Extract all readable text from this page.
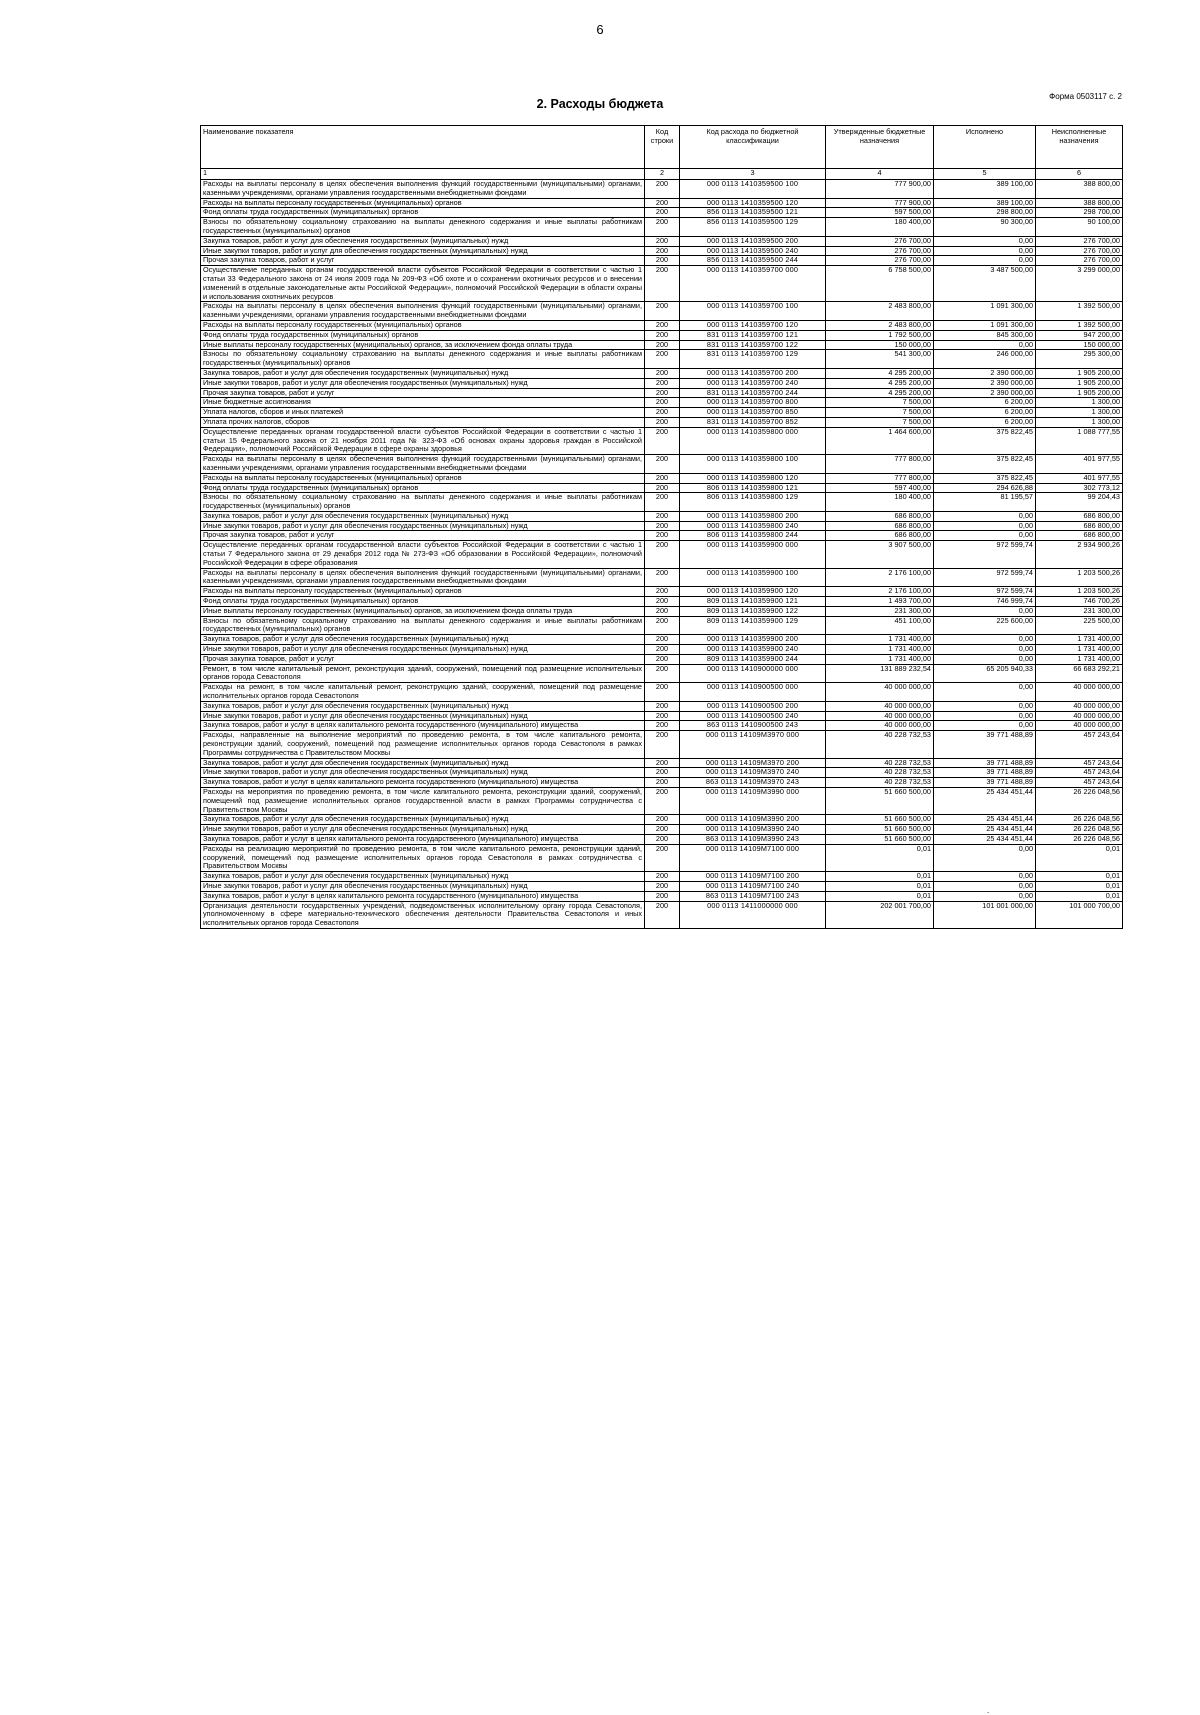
6
Форма 0503117 с. 2
2. Расходы бюджета
Наименование показателя	Код строки	Код расхода по бюджетной классификации	Утвержденные бюджетные назначения	Исполнено	Неисполненные назначения
1	2	3	4	5	6
Расходы на выплаты персоналу в целях обеспечения выполнения функций государственными (муниципальными) органами, казенными учреждениями, органами управления государственными внебюджетными фондами	200	000 0113 1410359500 100	777 900,00	389 100,00	388 800,00
Расходы на выплаты персоналу государственных (муниципальных) органов	200	000 0113 1410359500 120	777 900,00	389 100,00	388 800,00
Фонд оплаты труда государственных (муниципальных) органов	200	856 0113 1410359500 121	597 500,00	298 800,00	298 700,00
Взносы по обязательному социальному страхованию на выплаты денежного содержания и иные выплаты работникам государственных (муниципальных) органов	200	856 0113 1410359500 129	180 400,00	90 300,00	90 100,00
Закупка товаров, работ и услуг для обеспечения государственных (муниципальных) нужд	200	000 0113 1410359500 200	276 700,00	0,00	276 700,00
Иные закупки товаров, работ и услуг для обеспечения государственных (муниципальных) нужд	200	000 0113 1410359500 240	276 700,00	0,00	276 700,00
Прочая закупка товаров, работ и услуг	200	856 0113 1410359500 244	276 700,00	0,00	276 700,00
Осуществление переданных органам государственной власти субъектов Российской Федерации в соответствии с частью 1 статьи 33 Федерального закона от 24 июля 2009 года № 209-ФЗ «Об охоте и о сохранении охотничьих ресурсов и о внесении изменений в отдельные законодательные акты Российской Федерации», полномочий Российской Федерации в области охраны и использования охотничьих ресурсов	200	000 0113 1410359700 000	6 758 500,00	3 487 500,00	3 299 000,00
Расходы на выплаты персоналу в целях обеспечения выполнения функций государственными (муниципальными) органами, казенными учреждениями, органами управления государственными внебюджетными фондами	200	000 0113 1410359700 100	2 483 800,00	1 091 300,00	1 392 500,00
Расходы на выплаты персоналу государственных (муниципальных) органов	200	000 0113 1410359700 120	2 483 800,00	1 091 300,00	1 392 500,00
Фонд оплаты труда государственных (муниципальных) органов	200	831 0113 1410359700 121	1 792 500,00	845 300,00	947 200,00
Иные выплаты персоналу государственных (муниципальных) органов, за исключением фонда оплаты труда	200	831 0113 1410359700 122	150 000,00	0,00	150 000,00
Взносы по обязательному социальному страхованию на выплаты денежного содержания и иные выплаты работникам государственных (муниципальных) органов	200	831 0113 1410359700 129	541 300,00	246 000,00	295 300,00
Закупка товаров, работ и услуг для обеспечения государственных (муниципальных) нужд	200	000 0113 1410359700 200	4 295 200,00	2 390 000,00	1 905 200,00
Иные закупки товаров, работ и услуг для обеспечения государственных (муниципальных) нужд	200	000 0113 1410359700 240	4 295 200,00	2 390 000,00	1 905 200,00
Прочая закупка товаров, работ и услуг	200	831 0113 1410359700 244	4 295 200,00	2 390 000,00	1 905 200,00
Иные бюджетные ассигнования	200	000 0113 1410359700 800	7 500,00	6 200,00	1 300,00
Уплата налогов, сборов и иных платежей	200	000 0113 1410359700 850	7 500,00	6 200,00	1 300,00
Уплата прочих налогов, сборов	200	831 0113 1410359700 852	7 500,00	6 200,00	1 300,00
Осуществление переданных органам государственной власти субъектов Российской Федерации в соответствии с частью 1 статьи 15 Федерального закона от 21 ноября 2011 года № 323-ФЗ «Об основах охраны здоровья граждан в Российской Федерации», полномочий Российской Федерации в сфере охраны здоровья	200	000 0113 1410359800 000	1 464 600,00	375 822,45	1 088 777,55
Расходы на выплаты персоналу в целях обеспечения выполнения функций государственными (муниципальными) органами, казенными учреждениями, органами управления государственными внебюджетными фондами	200	000 0113 1410359800 100	777 800,00	375 822,45	401 977,55
Расходы на выплаты персоналу государственных (муниципальных) органов	200	000 0113 1410359800 120	777 800,00	375 822,45	401 977,55
Фонд оплаты труда государственных (муниципальных) органов	200	806 0113 1410359800 121	597 400,00	294 626,88	302 773,12
Взносы по обязательному социальному страхованию на выплаты денежного содержания и иные выплаты работникам государственных (муниципальных) органов	200	806 0113 1410359800 129	180 400,00	81 195,57	99 204,43
Закупка товаров, работ и услуг для обеспечения государственных (муниципальных) нужд	200	000 0113 1410359800 200	686 800,00	0,00	686 800,00
Иные закупки товаров, работ и услуг для обеспечения государственных (муниципальных) нужд	200	000 0113 1410359800 240	686 800,00	0,00	686 800,00
Прочая закупка товаров, работ и услуг	200	806 0113 1410359800 244	686 800,00	0,00	686 800,00
Осуществление переданных органам государственной власти субъектов Российской Федерации в соответствии с частью 1 статьи 7 Федерального закона от 29 декабря 2012 года № 273-ФЗ «Об образовании в Российской Федерации», полномочий Российской Федерации в сфере образования	200	000 0113 1410359900 000	3 907 500,00	972 599,74	2 934 900,26
Расходы на выплаты персоналу в целях обеспечения выполнения функций государственными (муниципальными) органами, казенными учреждениями, органами управления государственными внебюджетными фондами	200	000 0113 1410359900 100	2 176 100,00	972 599,74	1 203 500,26
Расходы на выплаты персоналу государственных (муниципальных) органов	200	000 0113 1410359900 120	2 176 100,00	972 599,74	1 203 500,26
Фонд оплаты труда государственных (муниципальных) органов	200	809 0113 1410359900 121	1 493 700,00	746 999,74	746 700,26
Иные выплаты персоналу государственных (муниципальных) органов, за исключением фонда оплаты труда	200	809 0113 1410359900 122	231 300,00	0,00	231 300,00
Взносы по обязательному социальному страхованию на выплаты денежного содержания и иные выплаты работникам государственных (муниципальных) органов	200	809 0113 1410359900 129	451 100,00	225 600,00	225 500,00
Закупка товаров, работ и услуг для обеспечения государственных (муниципальных) нужд	200	000 0113 1410359900 200	1 731 400,00	0,00	1 731 400,00
Иные закупки товаров, работ и услуг для обеспечения государственных (муниципальных) нужд	200	000 0113 1410359900 240	1 731 400,00	0,00	1 731 400,00
Прочая закупка товаров, работ и услуг	200	809 0113 1410359900 244	1 731 400,00	0,00	1 731 400,00
Ремонт, в том числе капитальный ремонт, реконструкция зданий, сооружений, помещений под размещение исполнительных органов города Севастополя	200	000 0113 1410900000 000	131 889 232,54	65 205 940,33	66 683 292,21
Расходы на ремонт, в том числе капитальный ремонт, реконструкцию зданий, сооружений, помещений под размещение исполнительных органов города Севастополя	200	000 0113 1410900500 000	40 000 000,00	0,00	40 000 000,00
Закупка товаров, работ и услуг для обеспечения государственных (муниципальных) нужд	200	000 0113 1410900500 200	40 000 000,00	0,00	40 000 000,00
Иные закупки товаров, работ и услуг для обеспечения государственных (муниципальных) нужд	200	000 0113 1410900500 240	40 000 000,00	0,00	40 000 000,00
Закупка товаров, работ и услуг в целях капитального ремонта государственного (муниципального) имущества	200	863 0113 1410900500 243	40 000 000,00	0,00	40 000 000,00
Расходы, направленные на выполнение мероприятий по проведению ремонта, в том числе капитального ремонта, реконструкции зданий, сооружений, помещений под размещение исполнительных органов города Севастополя в рамках Программы сотрудничества с Правительством Москвы	200	000 0113 14109М3970 000	40 228 732,53	39 771 488,89	457 243,64
Закупка товаров, работ и услуг для обеспечения государственных (муниципальных) нужд	200	000 0113 14109М3970 200	40 228 732,53	39 771 488,89	457 243,64
Иные закупки товаров, работ и услуг для обеспечения государственных (муниципальных) нужд	200	000 0113 14109М3970 240	40 228 732,53	39 771 488,89	457 243,64
Закупка товаров, работ и услуг в целях капитального ремонта государственного (муниципального) имущества	200	863 0113 14109М3970 243	40 228 732,53	39 771 488,89	457 243,64
Расходы на мероприятия по проведению ремонта, в том числе капитального ремонта, реконструкции зданий, сооружений, помещений под размещение исполнительных органов государственной власти в рамках Программы сотрудничества с Правительством Москвы	200	000 0113 14109М3990 000	51 660 500,00	25 434 451,44	26 226 048,56
Закупка товаров, работ и услуг для обеспечения государственных (муниципальных) нужд	200	000 0113 14109М3990 200	51 660 500,00	25 434 451,44	26 226 048,56
Иные закупки товаров, работ и услуг для обеспечения государственных (муниципальных) нужд	200	000 0113 14109М3990 240	51 660 500,00	25 434 451,44	26 226 048,56
Закупка товаров, работ и услуг в целях капитального ремонта государственного (муниципального) имущества	200	863 0113 14109М3990 243	51 660 500,00	25 434 451,44	26 226 048,56
Расходы на реализацию мероприятий по проведению ремонта, в том числе капитального ремонта, реконструкции зданий, сооружений, помещений под размещение исполнительных органов города Севастополя в рамках сотрудничества с Правительством Москвы	200	000 0113 14109М7100 000	0,01	0,00	0,01
Закупка товаров, работ и услуг для обеспечения государственных (муниципальных) нужд	200	000 0113 14109М7100 200	0,01	0,00	0,01
Иные закупки товаров, работ и услуг для обеспечения государственных (муниципальных) нужд	200	000 0113 14109М7100 240	0,01	0,00	0,01
Закупка товаров, работ и услуг в целях капитального ремонта государственного (муниципального) имущества	200	863 0113 14109М7100 243	0,01	0,00	0,01
Организация деятельности государственных учреждений, подведомственных исполнительному органу города Севастополя, уполномоченному в сфере материально-технического обеспечения деятельности Правительства Севастополя и иных исполнительных органов города Севастополя	200	000 0113 1411000000 000	202 001 700,00	101 001 000,00	101 000 700,00
.
